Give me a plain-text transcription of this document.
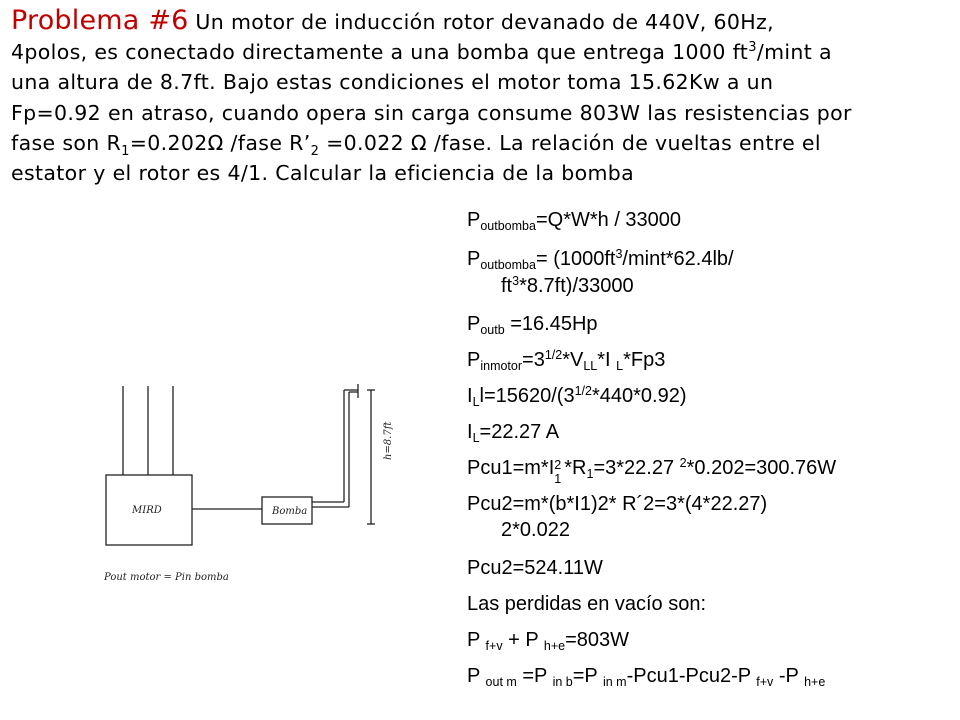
Problema #6 Un motor de inducción rotor devanado de 440V, 60Hz, 4polos, es conectado directamente a una bomba que entrega 1000 $ft^3$/mint a una altura de 8.7ft. Bajo estas condiciones el motor toma 15.62Kw a un Fp=0.92 en atraso, cuando opera sin carga consume 803W las resistencias por fase son $R_1=0.202\Omega$ /fase $R’_2 =0.022$ Ω /fase. La relación de vueltas entre el estator y el rotor es 4/1. Calcular la eficiencia de la bomba
$P_{outbomba}=Q*W*h / 33000$
$P_{outbomba}= (1000ft^3/\min t*62.4lb/$
$ft^3*8.7ft)/33000$
$P_{outb} =16.45Hp$
$P_{inmotor}=3^{1/2}*V_{LL}*I$ $_L$*Fp3
$I_Ll=15620/(3^{1/2}*440*0.92)$
$I_L=22.27$ A
Pcu1=m*I 2
1 $*R_1=3*22.27$ $^2$*0.202=300.76W
Pcu2=m*(b*I1)2* R´2=3*(4*22.27)
2*0.022
Pcu2=524.11W
Las perdidas en vacío son:
P $_{f+v}$ + P $_{h+e}$=803W
P $_{out m}$ =P $_{in b}$=P $_{in m}$-Pcu1-Pcu2-P $_{f+v}$ -P $_{h+e}$
MIRD	Bomba
h=8.7ft
Pout motor = Pin bomba
